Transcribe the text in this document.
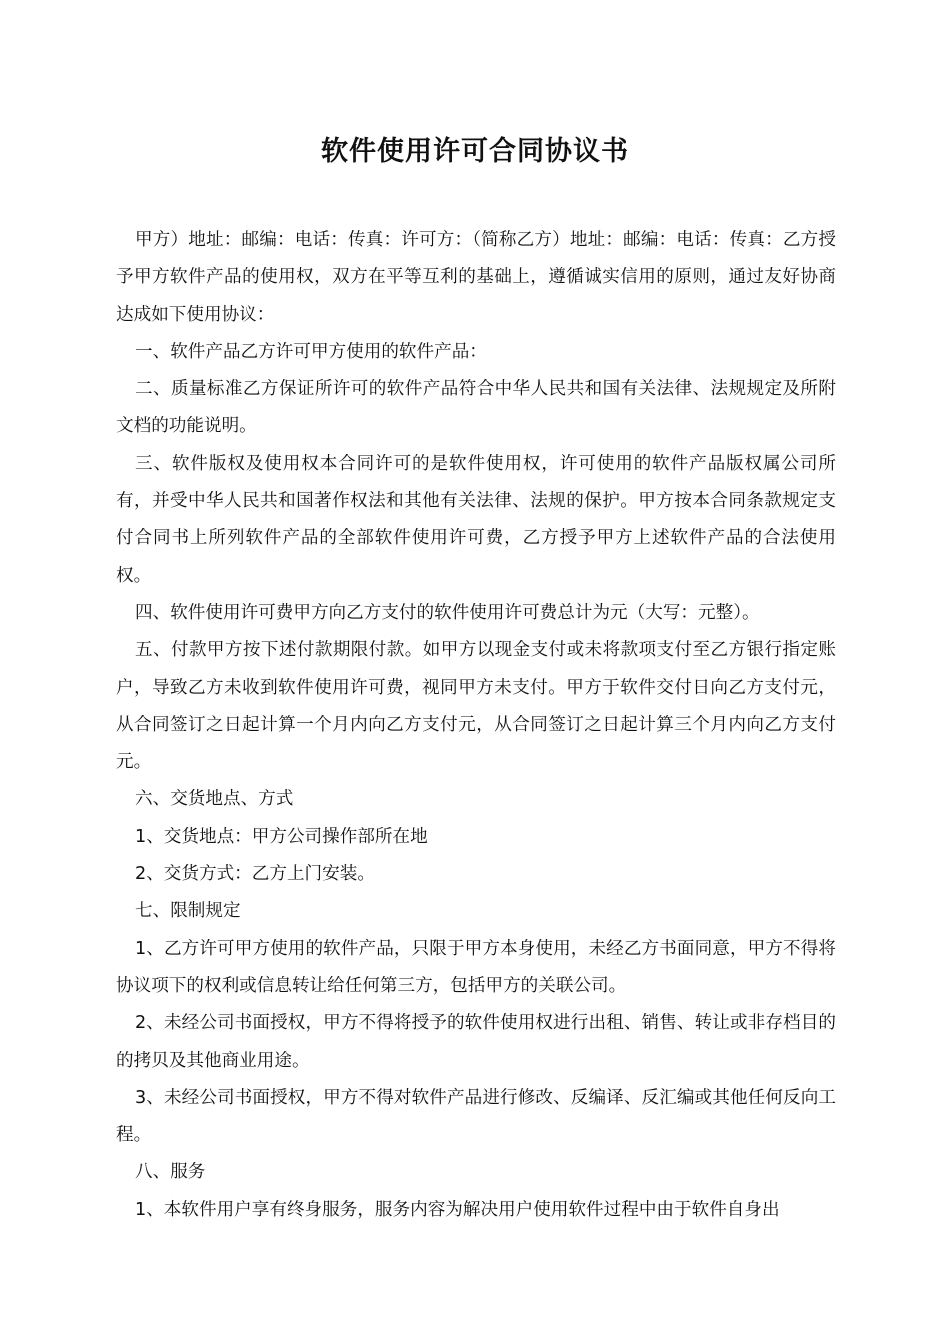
软件使用许可合同协议书

甲方）地址：邮编：电话：传真：许可方：（简称乙方）地址：邮编：电话：传真：乙方授予甲方软件产品的使用权，双方在平等互利的基础上，遵循诚实信用的原则，通过友好协商达成如下使用协议：

一、软件产品乙方许可甲方使用的软件产品：

二、质量标准乙方保证所许可的软件产品符合中华人民共和国有关法律、法规规定及所附文档的功能说明。

三、软件版权及使用权本合同许可的是软件使用权，许可使用的软件产品版权属公司所有，并受中华人民共和国著作权法和其他有关法律、法规的保护。甲方按本合同条款规定支付合同书上所列软件产品的全部软件使用许可费，乙方授予甲方上述软件产品的合法使用权。

四、软件使用许可费甲方向乙方支付的软件使用许可费总计为元（大写：元整）。

五、付款甲方按下述付款期限付款。如甲方以现金支付或未将款项支付至乙方银行指定账户，导致乙方未收到软件使用许可费，视同甲方未支付。甲方于软件交付日向乙方支付元，从合同签订之日起计算一个月内向乙方支付元，从合同签订之日起计算三个月内向乙方支付元。

六、交货地点、方式

1、交货地点：甲方公司操作部所在地

2、交货方式：乙方上门安装。

七、限制规定

1、乙方许可甲方使用的软件产品，只限于甲方本身使用，未经乙方书面同意，甲方不得将协议项下的权利或信息转让给任何第三方，包括甲方的关联公司。

2、未经公司书面授权，甲方不得将授予的软件使用权进行出租、销售、转让或非存档目的的拷贝及其他商业用途。

3、未经公司书面授权，甲方不得对软件产品进行修改、反编译、反汇编或其他任何反向工程。

八、服务

1、本软件用户享有终身服务，服务内容为解决用户使用软件过程中由于软件自身出
